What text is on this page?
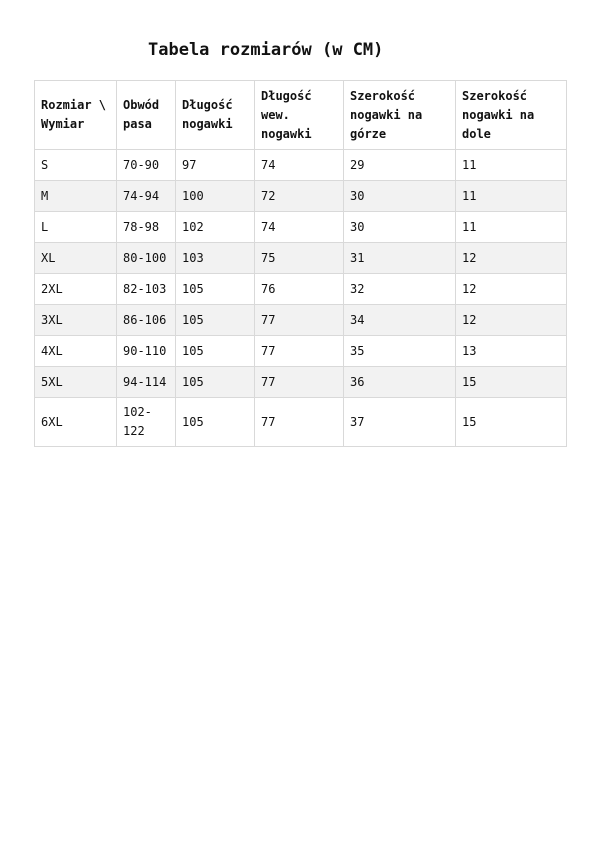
Tabela rozmiarów (w CM)
Rozmiar \ Wymiar	Obwód pasa	Długość nogawki	Długość wew. nogawki	Szerokość nogawki na górze	Szerokość nogawki na dole
S	70-90	97	74	29	11
M	74-94	100	72	30	11
L	78-98	102	74	30	11
XL	80-100	103	75	31	12
2XL	82-103	105	76	32	12
3XL	86-106	105	77	34	12
4XL	90-110	105	77	35	13
5XL	94-114	105	77	36	15
6XL	102-122	105	77	37	15
